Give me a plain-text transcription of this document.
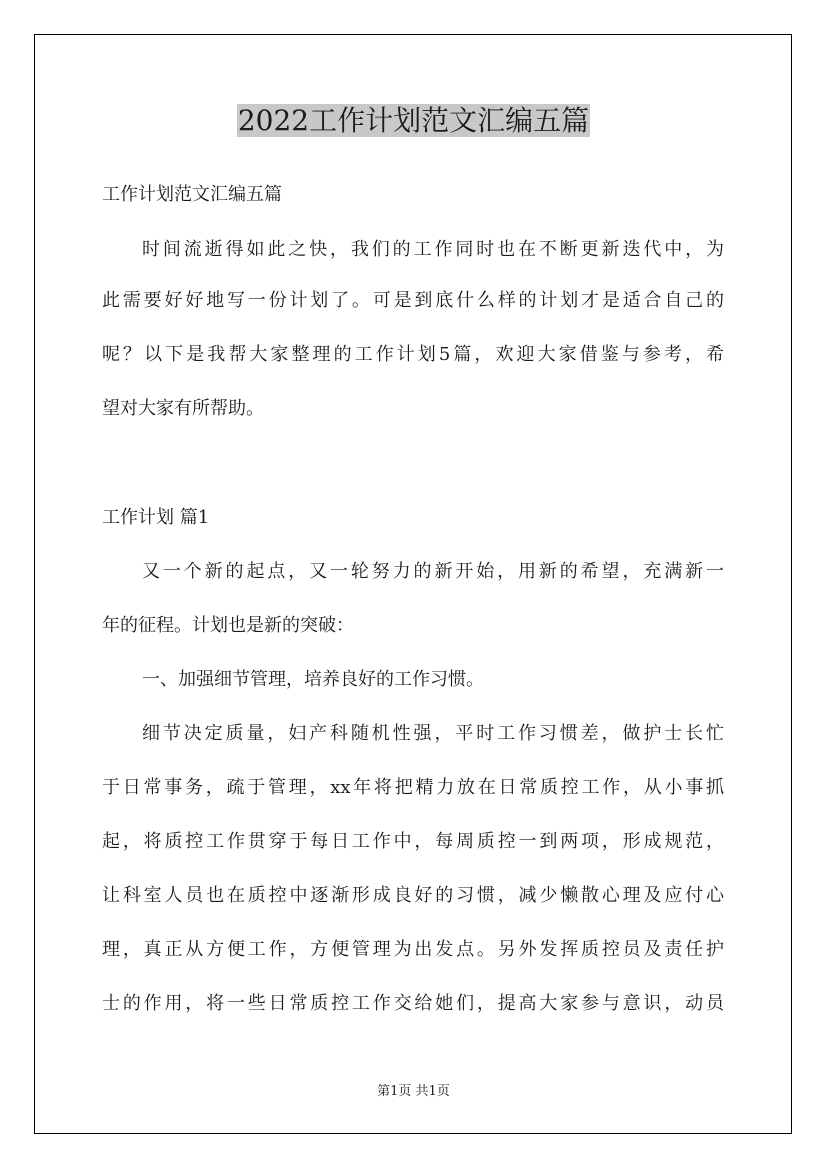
2022工作计划范文汇编五篇

工作计划范文汇编五篇

时间流逝得如此之快，我们的工作同时也在不断更新迭代中，为

此需要好好地写一份计划了。可是到底什么样的计划才是适合自己的

呢？以下是我帮大家整理的工作计划5篇，欢迎大家借鉴与参考，希

望对大家有所帮助。

工作计划 篇1

又一个新的起点，又一轮努力的新开始，用新的希望，充满新一

年的征程。计划也是新的突破：

一、加强细节管理，培养良好的工作习惯。

细节决定质量，妇产科随机性强，平时工作习惯差，做护士长忙

于日常事务，疏于管理，xx年将把精力放在日常质控工作，从小事抓

起，将质控工作贯穿于每日工作中，每周质控一到两项，形成规范，

让科室人员也在质控中逐渐形成良好的习惯，减少懒散心理及应付心

理，真正从方便工作，方便管理为出发点。另外发挥质控员及责任护

士的作用，将一些日常质控工作交给她们，提高大家参与意识，动员

第1页 共1页
